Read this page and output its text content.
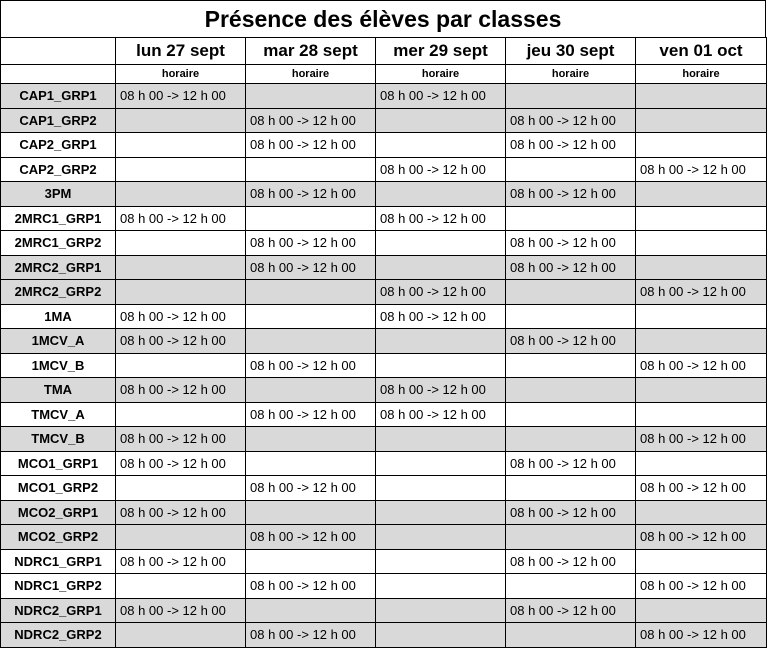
Présence des élèves par classes
	lun 27 sept	mar 28 sept	mer 29 sept	jeu 30 sept	ven 01 oct
	horaire	horaire	horaire	horaire	horaire
CAP1_GRP1	08 h 00 -> 12 h 00		08 h 00 -> 12 h 00		
CAP1_GRP2		08 h 00 -> 12 h 00		08 h 00 -> 12 h 00	
CAP2_GRP1		08 h 00 -> 12 h 00		08 h 00 -> 12 h 00	
CAP2_GRP2			08 h 00 -> 12 h 00		08 h 00 -> 12 h 00
3PM		08 h 00 -> 12 h 00		08 h 00 -> 12 h 00	
2MRC1_GRP1	08 h 00 -> 12 h 00		08 h 00 -> 12 h 00		
2MRC1_GRP2		08 h 00 -> 12 h 00		08 h 00 -> 12 h 00	
2MRC2_GRP1		08 h 00 -> 12 h 00		08 h 00 -> 12 h 00	
2MRC2_GRP2			08 h 00 -> 12 h 00		08 h 00 -> 12 h 00
1MA	08 h 00 -> 12 h 00		08 h 00 -> 12 h 00		
1MCV_A	08 h 00 -> 12 h 00			08 h 00 -> 12 h 00	
1MCV_B		08 h 00 -> 12 h 00			08 h 00 -> 12 h 00
TMA	08 h 00 -> 12 h 00		08 h 00 -> 12 h 00		
TMCV_A		08 h 00 -> 12 h 00	08 h 00 -> 12 h 00		
TMCV_B	08 h 00 -> 12 h 00				08 h 00 -> 12 h 00
MCO1_GRP1	08 h 00 -> 12 h 00			08 h 00 -> 12 h 00	
MCO1_GRP2		08 h 00 -> 12 h 00			08 h 00 -> 12 h 00
MCO2_GRP1	08 h 00 -> 12 h 00			08 h 00 -> 12 h 00	
MCO2_GRP2		08 h 00 -> 12 h 00			08 h 00 -> 12 h 00
NDRC1_GRP1	08 h 00 -> 12 h 00			08 h 00 -> 12 h 00	
NDRC1_GRP2		08 h 00 -> 12 h 00			08 h 00 -> 12 h 00
NDRC2_GRP1	08 h 00 -> 12 h 00			08 h 00 -> 12 h 00	
NDRC2_GRP2		08 h 00 -> 12 h 00			08 h 00 -> 12 h 00
